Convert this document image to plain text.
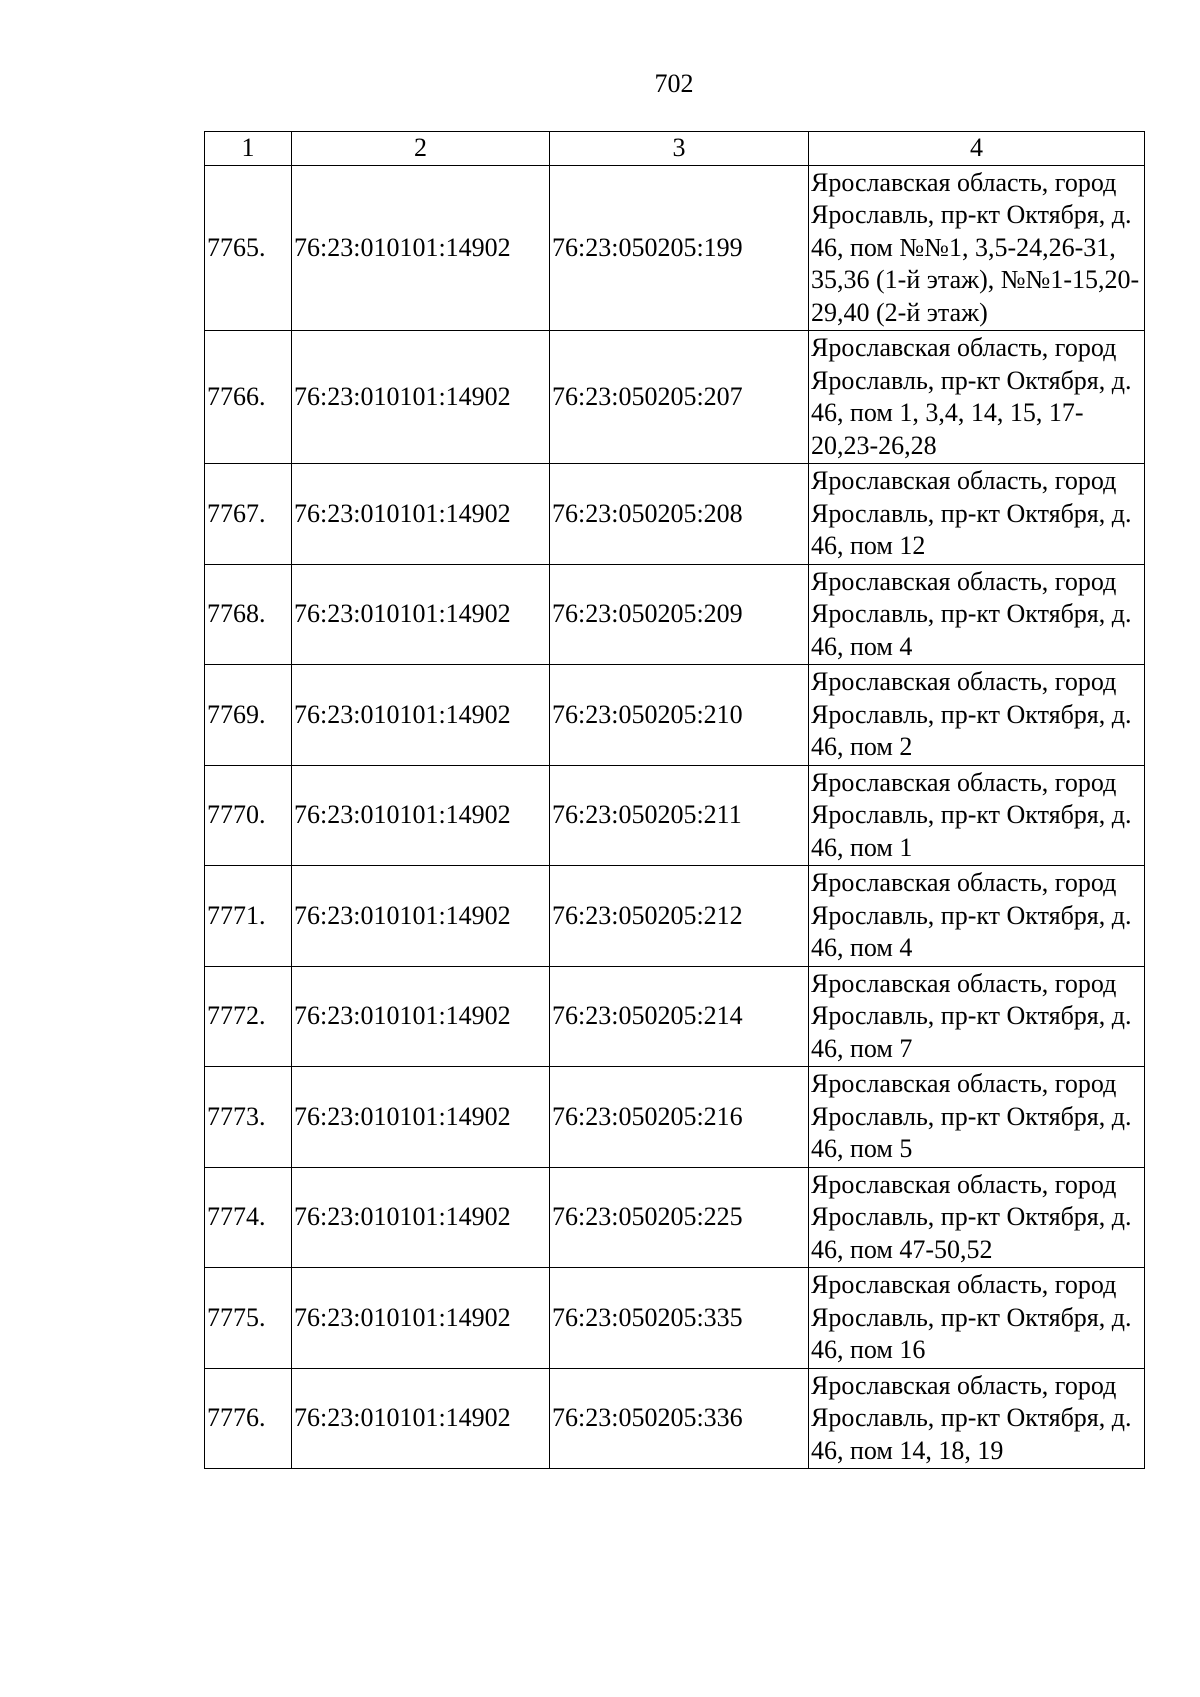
702
1	2	3	4
7765.	76:23:010101:14902	76:23:050205:199	Ярославская область, город Ярославль, пр-кт Октября, д. 46, пом №№1, 3,5-24,26-31, 35,36 (1-й этаж), №№1-15,20-29,40 (2-й этаж)
7766.	76:23:010101:14902	76:23:050205:207	Ярославская область, город Ярославль, пр-кт Октября, д. 46, пом 1, 3,4, 14, 15, 17-20,23-26,28
7767.	76:23:010101:14902	76:23:050205:208	Ярославская область, город Ярославль, пр-кт Октября, д. 46, пом 12
7768.	76:23:010101:14902	76:23:050205:209	Ярославская область, город Ярославль, пр-кт Октября, д. 46, пом 4
7769.	76:23:010101:14902	76:23:050205:210	Ярославская область, город Ярославль, пр-кт Октября, д. 46, пом 2
7770.	76:23:010101:14902	76:23:050205:211	Ярославская область, город Ярославль, пр-кт Октября, д. 46, пом 1
7771.	76:23:010101:14902	76:23:050205:212	Ярославская область, город Ярославль, пр-кт Октября, д. 46, пом 4
7772.	76:23:010101:14902	76:23:050205:214	Ярославская область, город Ярославль, пр-кт Октября, д. 46, пом 7
7773.	76:23:010101:14902	76:23:050205:216	Ярославская область, город Ярославль, пр-кт Октября, д. 46, пом 5
7774.	76:23:010101:14902	76:23:050205:225	Ярославская область, город Ярославль, пр-кт Октября, д. 46, пом 47-50,52
7775.	76:23:010101:14902	76:23:050205:335	Ярославская область, город Ярославль, пр-кт Октября, д. 46, пом 16
7776.	76:23:010101:14902	76:23:050205:336	Ярославская область, город Ярославль, пр-кт Октября, д. 46, пом 14, 18, 19
